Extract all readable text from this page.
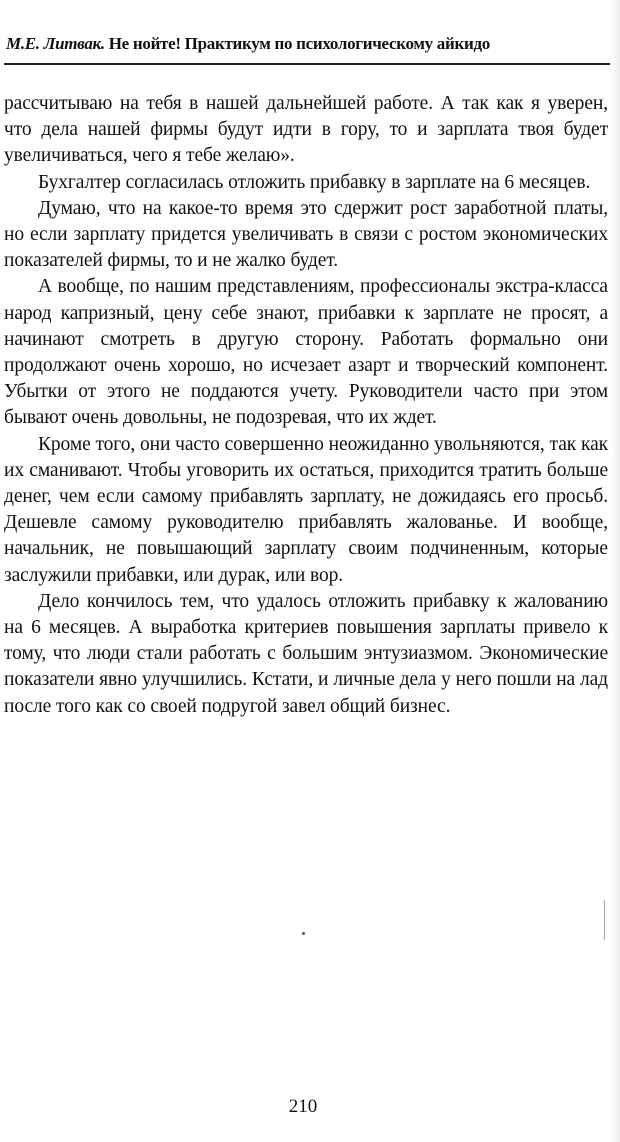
М.Е. Литвак. Не нойте! Практикум по психологическому айкидо

рассчитываю на тебя в нашей дальнейшей работе. А так как я уверен, что дела нашей фирмы будут идти в гору, то и зарплата твоя будет увеличиваться, чего я тебе желаю».

Бухгалтер согласилась отложить прибавку в зарплате на 6 месяцев.

Думаю, что на какое-то время это сдержит рост заработной платы, но если зарплату придется увеличивать в связи с ростом экономических показателей фирмы, то и не жалко будет.

А вообще, по нашим представлениям, профессионалы экстра-класса народ капризный, цену себе знают, прибавки к зарплате не просят, а начинают смотреть в другую сторону. Работать формально они продолжают очень хорошо, но исчезает азарт и творческий компонент. Убытки от этого не поддаются учету. Руководители часто при этом бывают очень довольны, не подозревая, что их ждет.

Кроме того, они часто совершенно неожиданно увольняются, так как их сманивают. Чтобы уговорить их остаться, приходится тратить больше денег, чем если самому прибавлять зарплату, не дожидаясь его просьб. Дешевле самому руководителю прибавлять жалованье. И вообще, начальник, не повышающий зарплату своим подчиненным, которые заслужили прибавки, или дурак, или вор.

Дело кончилось тем, что удалось отложить прибавку к жалованию на 6 месяцев. А выработка критериев повышения зарплаты привело к тому, что люди стали работать с большим энтузиазмом. Экономические показатели явно улучшились. Кстати, и личные дела у него пошли на лад после того как со своей подругой завел общий бизнес.

210
